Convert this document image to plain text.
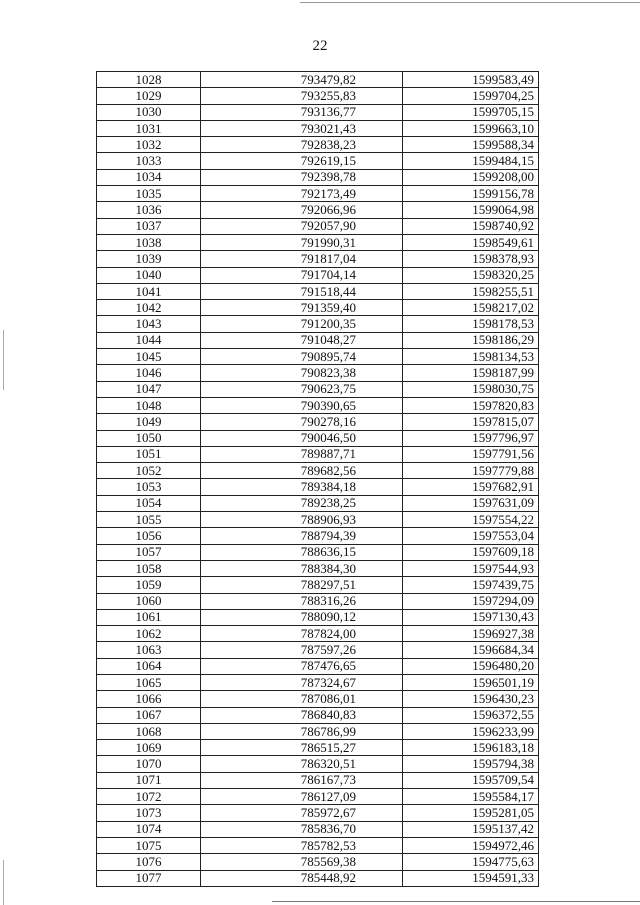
22
1028	793479,82	1599583,49
1029	793255,83	1599704,25
1030	793136,77	1599705,15
1031	793021,43	1599663,10
1032	792838,23	1599588,34
1033	792619,15	1599484,15
1034	792398,78	1599208,00
1035	792173,49	1599156,78
1036	792066,96	1599064,98
1037	792057,90	1598740,92
1038	791990,31	1598549,61
1039	791817,04	1598378,93
1040	791704,14	1598320,25
1041	791518,44	1598255,51
1042	791359,40	1598217,02
1043	791200,35	1598178,53
1044	791048,27	1598186,29
1045	790895,74	1598134,53
1046	790823,38	1598187,99
1047	790623,75	1598030,75
1048	790390,65	1597820,83
1049	790278,16	1597815,07
1050	790046,50	1597796,97
1051	789887,71	1597791,56
1052	789682,56	1597779,88
1053	789384,18	1597682,91
1054	789238,25	1597631,09
1055	788906,93	1597554,22
1056	788794,39	1597553,04
1057	788636,15	1597609,18
1058	788384,30	1597544,93
1059	788297,51	1597439,75
1060	788316,26	1597294,09
1061	788090,12	1597130,43
1062	787824,00	1596927,38
1063	787597,26	1596684,34
1064	787476,65	1596480,20
1065	787324,67	1596501,19
1066	787086,01	1596430,23
1067	786840,83	1596372,55
1068	786786,99	1596233,99
1069	786515,27	1596183,18
1070	786320,51	1595794,38
1071	786167,73	1595709,54
1072	786127,09	1595584,17
1073	785972,67	1595281,05
1074	785836,70	1595137,42
1075	785782,53	1594972,46
1076	785569,38	1594775,63
1077	785448,92	1594591,33
